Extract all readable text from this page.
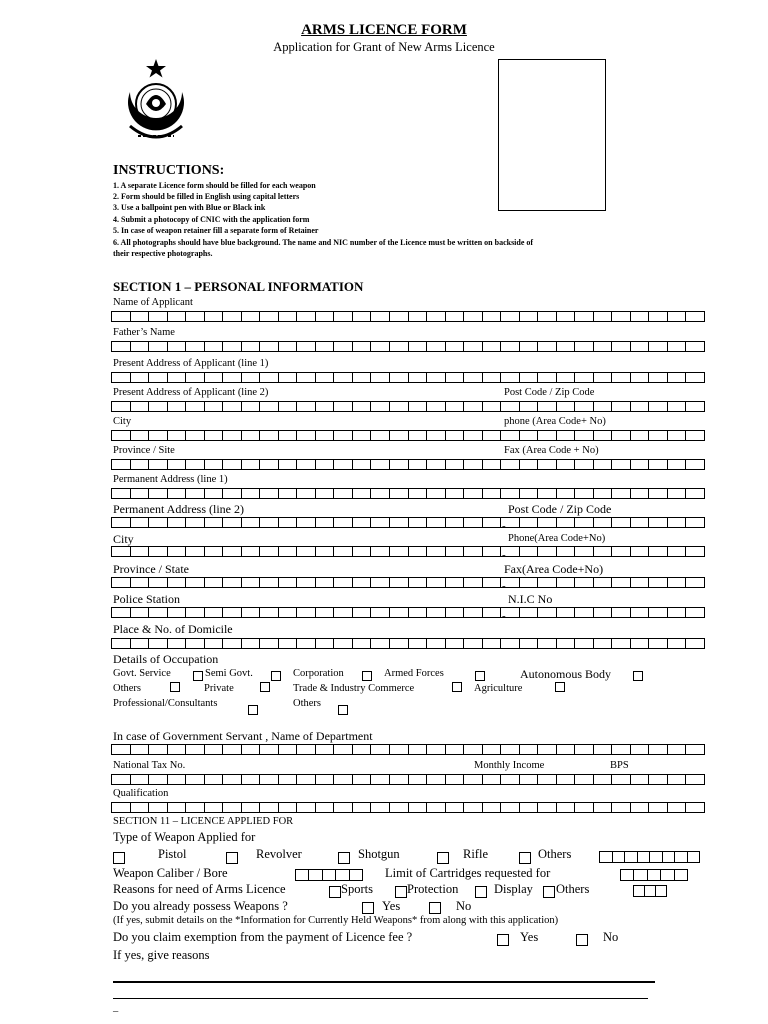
ARMS LICENCE FORM
Application for Grant of New Arms Licence
INSTRUCTIONS:
1. A separate Licence form should be filled for each weapon
2. Form should be filled in English using capital letters
3. Use a ballpoint pen with Blue or Black ink
4. Submit a photocopy of CNIC with the application form
5. In case of weapon retainer fill a separate form of Retainer
6. All photographs should have blue background. The name and NIC number of the Licence must be written on backside of
their respective photographs.
SECTION 1 – PERSONAL INFORMATION
Name of Applicant
Father’s Name
Present Address of Applicant (line 1)
-
Present Address of Applicant (line 2)	Post Code / Zip Code
-
City	phone (Area Code+ No)
-
Province / Site	Fax (Area Code + No)
-
Permanent Address (line 1)
Permanent Address (line 2)	Post Code / Zip Code
-
City	Phone(Area Code+No)
-
Province / State	Fax(Area Code+No)
-
Police Station	N.I.C No
-
Place & No. of Domicile
Details of Occupation
Govt. Service	Semi Govt.	Corporation	Armed Forces	Autonomous Body
Others	Private	Trade & Industry Commerce	Agriculture
Professional/Consultants	Others
In case of Government Servant , Name of Department
National Tax No.	Monthly Income	BPS
Qualification
SECTION 11 – LICENCE APPLIED FOR
Type of Weapon Applied for
Pistol	Revolver	Shotgun	Rifle	Others
Weapon Caliber / Bore	Limit of Cartridges requested for
Reasons for need of Arms Licence	Sports	Protection	Display Others
Do you already possess Weapons ?	Yes	No
(If yes, submit details on the *Information for Currently Held Weapons* from along with this application)
Do you claim exemption from the payment of Licence fee ?	Yes	No
If yes, give reasons
–
